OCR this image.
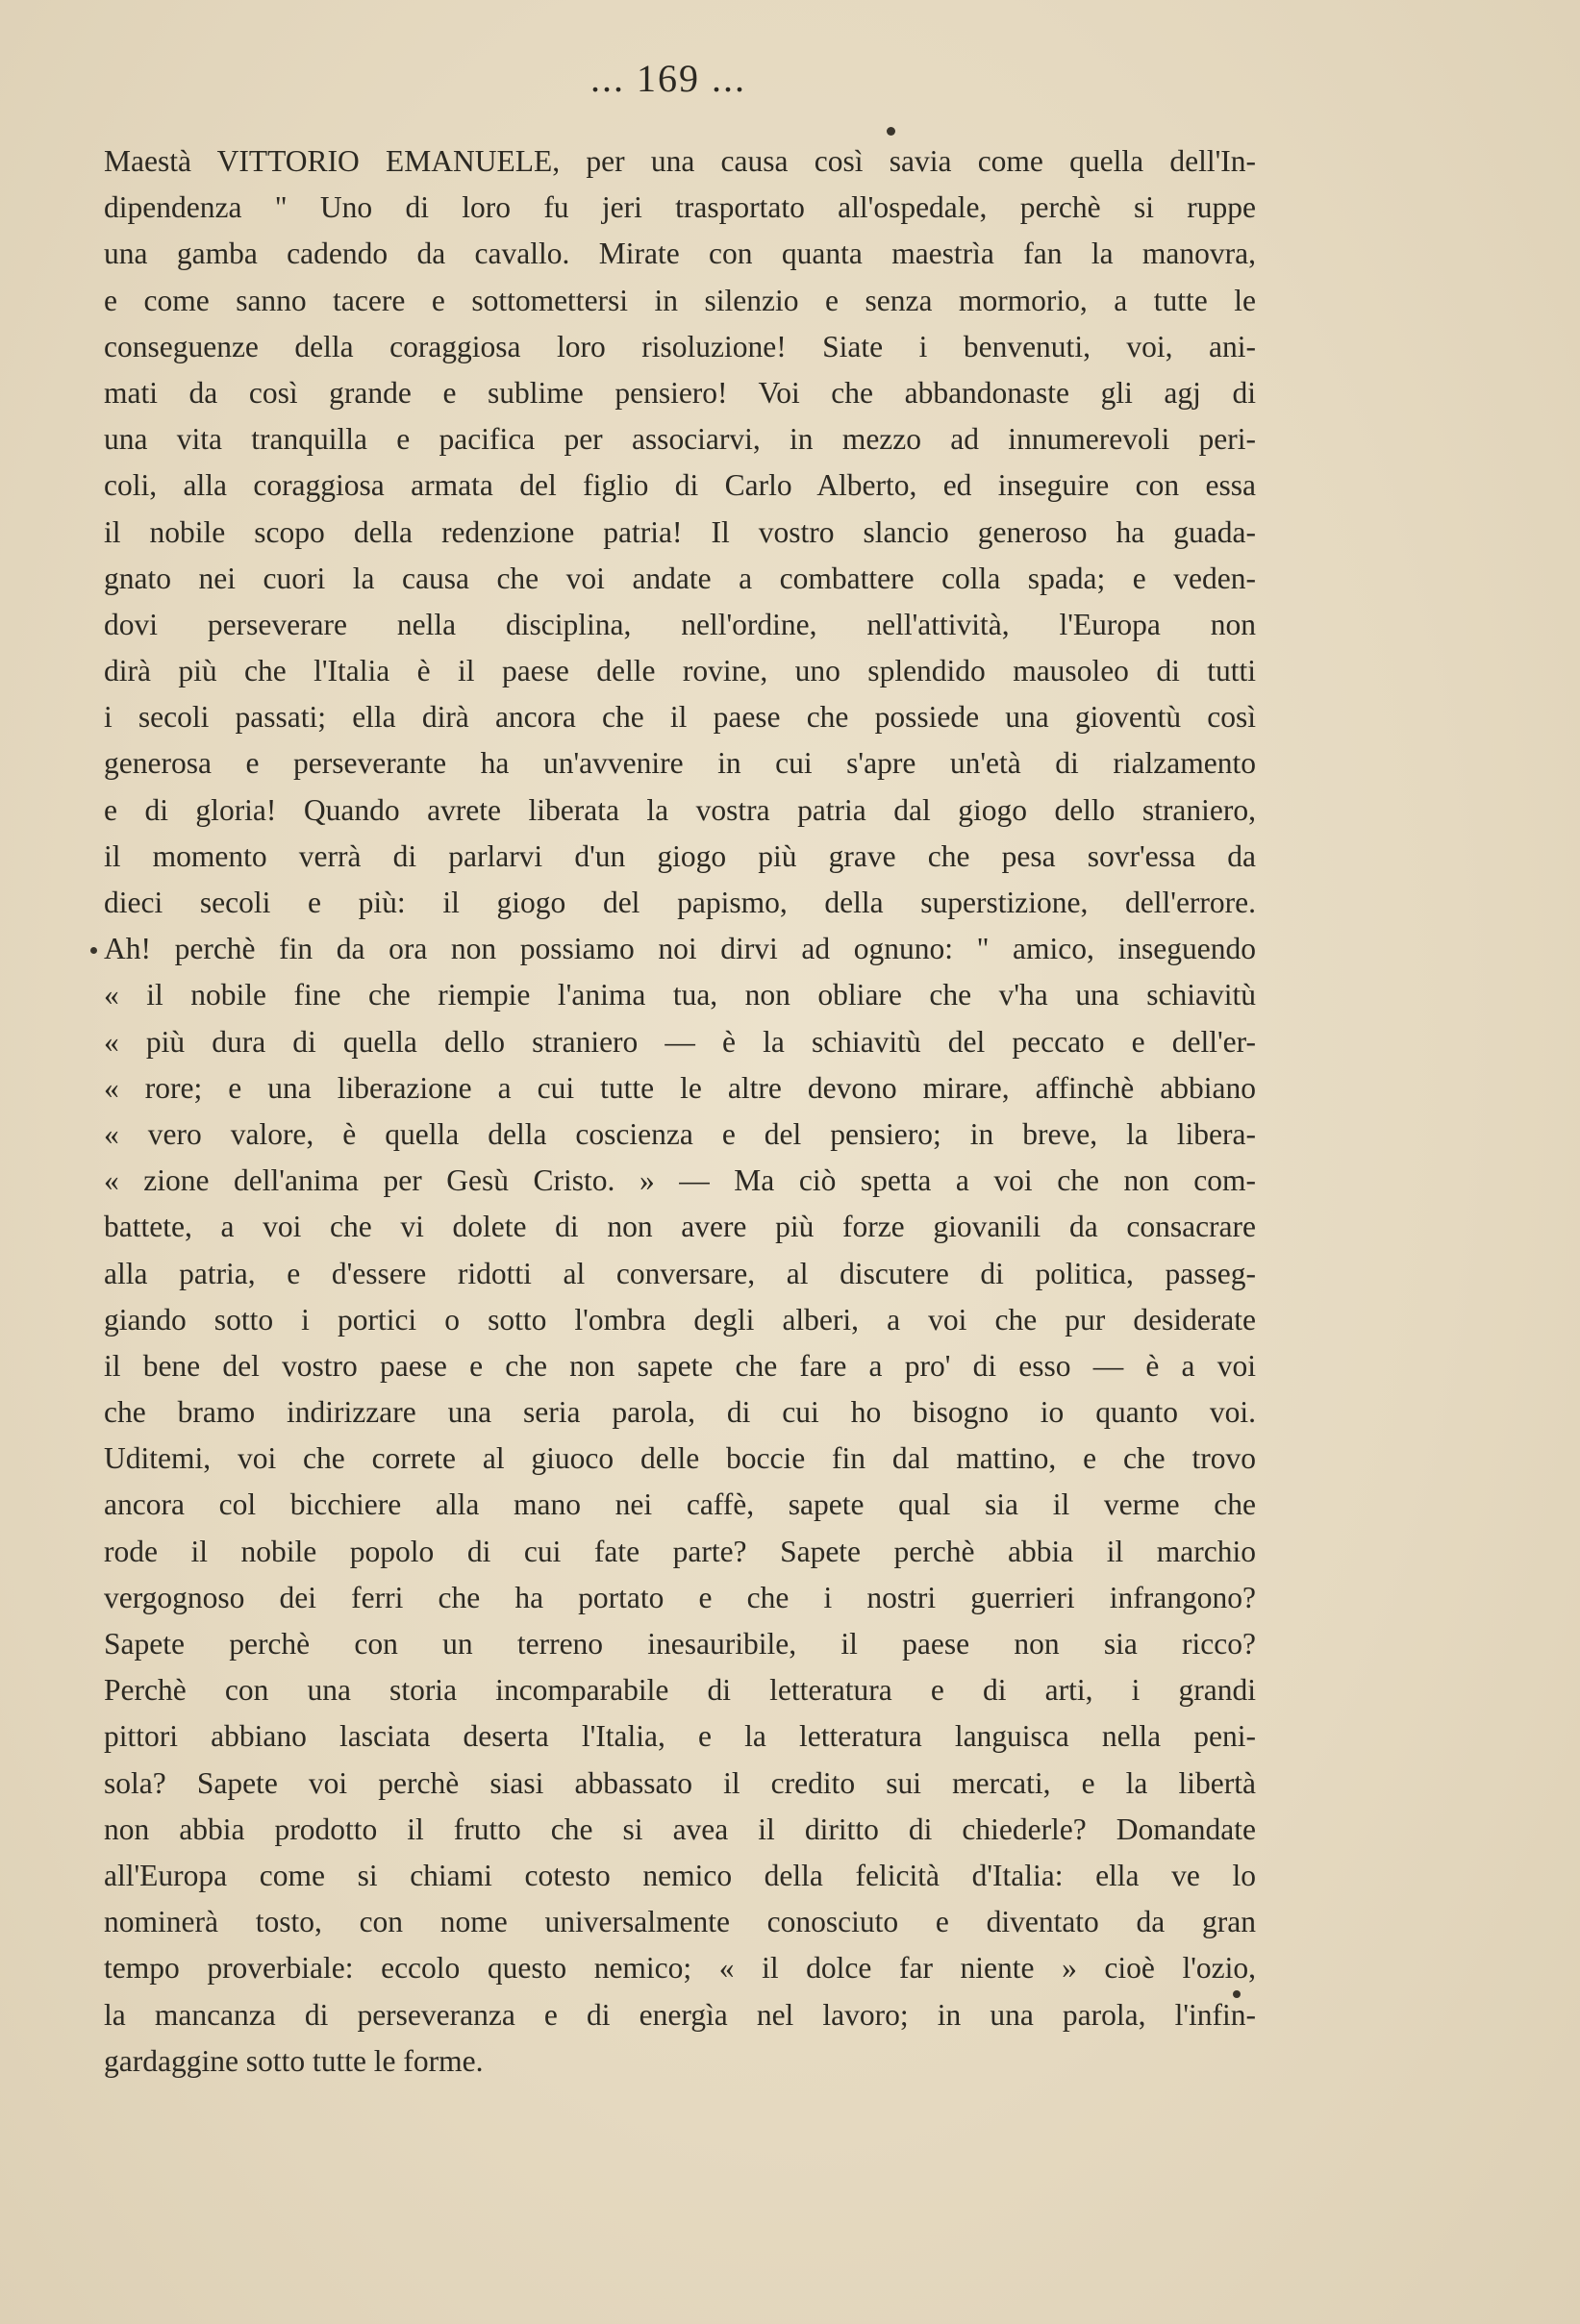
... 169 ...
Maestà VITTORIO EMANUELE, per una causa così savia come quella dell'In-
dipendenza " Uno di loro fu jeri trasportato all'ospedale, perchè si ruppe
una gamba cadendo da cavallo. Mirate con quanta maestrìa fan la manovra,
e come sanno tacere e sottomettersi in silenzio e senza mormorio, a tutte le
conseguenze della coraggiosa loro risoluzione! Siate i benvenuti, voi, ani-
mati da così grande e sublime pensiero! Voi che abbandonaste gli agj di
una vita tranquilla e pacifica per associarvi, in mezzo ad innumerevoli peri-
coli, alla coraggiosa armata del figlio di Carlo Alberto, ed inseguire con essa
il nobile scopo della redenzione patria! Il vostro slancio generoso ha guada-
gnato nei cuori la causa che voi andate a combattere colla spada; e veden-
dovi perseverare nella disciplina, nell'ordine, nell'attività, l'Europa non
dirà più che l'Italia è il paese delle rovine, uno splendido mausoleo di tutti
i secoli passati; ella dirà ancora che il paese che possiede una gioventù così
generosa e perseverante ha un'avvenire in cui s'apre un'età di rialzamento
e di gloria! Quando avrete liberata la vostra patria dal giogo dello straniero,
il momento verrà di parlarvi d'un giogo più grave che pesa sovr'essa da
dieci secoli e più: il giogo del papismo, della superstizione, dell'errore.
Ah! perchè fin da ora non possiamo noi dirvi ad ognuno: " amico, inseguendo
« il nobile fine che riempie l'anima tua, non obliare che v'ha una schiavitù
« più dura di quella dello straniero — è la schiavitù del peccato e dell'er-
« rore; e una liberazione a cui tutte le altre devono mirare, affinchè abbiano
« vero valore, è quella della coscienza e del pensiero; in breve, la libera-
« zione dell'anima per Gesù Cristo. » — Ma ciò spetta a voi che non com-
battete, a voi che vi dolete di non avere più forze giovanili da consacrare
alla patria, e d'essere ridotti al conversare, al discutere di politica, passeg-
giando sotto i portici o sotto l'ombra degli alberi, a voi che pur desiderate
il bene del vostro paese e che non sapete che fare a pro' di esso — è a voi
che bramo indirizzare una seria parola, di cui ho bisogno io quanto voi.
Uditemi, voi che correte al giuoco delle boccie fin dal mattino, e che trovo
ancora col bicchiere alla mano nei caffè, sapete qual sia il verme che
rode il nobile popolo di cui fate parte? Sapete perchè abbia il marchio
vergognoso dei ferri che ha portato e che i nostri guerrieri infrangono?
Sapete perchè con un terreno inesauribile, il paese non sia ricco?
Perchè con una storia incomparabile di letteratura e di arti, i grandi
pittori abbiano lasciata deserta l'Italia, e la letteratura languisca nella peni-
sola? Sapete voi perchè siasi abbassato il credito sui mercati, e la libertà
non abbia prodotto il frutto che si avea il diritto di chiederle? Domandate
all'Europa come si chiami cotesto nemico della felicità d'Italia: ella ve lo
nominerà tosto, con nome universalmente conosciuto e diventato da gran
tempo proverbiale: eccolo questo nemico; « il dolce far niente » cioè l'ozio,
la mancanza di perseveranza e di energìa nel lavoro; in una parola, l'infin-
gardaggine sotto tutte le forme.
